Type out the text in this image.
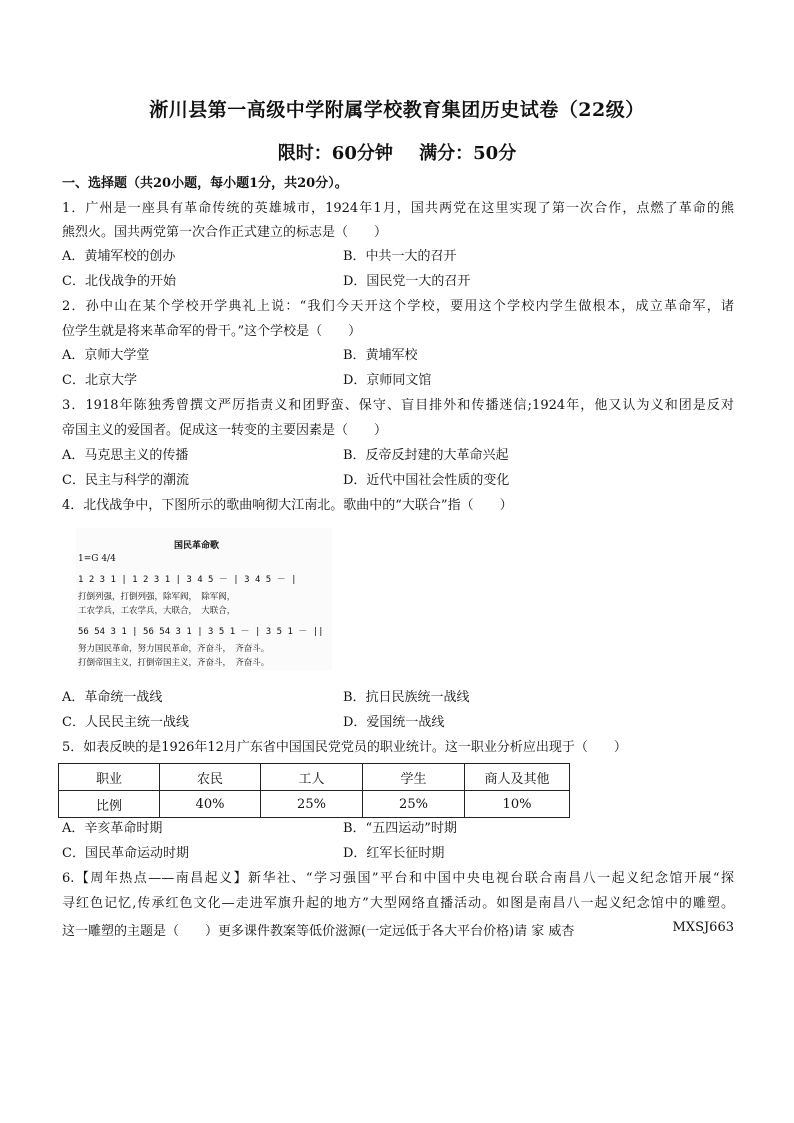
淅川县第一高级中学附属学校教育集团历史试卷（22级）
限时：60分钟 满分：50分
一、选择题（共20小题，每小题1分，共20分）。
1．广州是一座具有革命传统的英雄城市，1924年1月，国共两党在这里实现了第一次合作，点燃了革命的熊
熊烈火。国共两党第一次合作正式建立的标志是（　　）
A．黄埔军校的创办	B．中共一大的召开
C．北伐战争的开始	D．国民党一大的召开
2．孙中山在某个学校开学典礼上说：“我们今天开这个学校，要用这个学校内学生做根本，成立革命军，诸
位学生就是将来革命军的骨干。”这个学校是（　　）
A．京师大学堂	B．黄埔军校
C．北京大学	D．京师同文馆
3．1918年陈独秀曾撰文严厉指责义和团野蛮、保守、盲目排外和传播迷信;1924年，他又认为义和团是反对
帝国主义的爱国者。促成这一转变的主要因素是（　　）
A．马克思主义的传播	B．反帝反封建的大革命兴起
C．民主与科学的潮流	D．近代中国社会性质的变化
4．北伐战争中，下图所示的歌曲响彻大江南北。歌曲中的“大联合”指（　　）
国民革命歌
1=G 4/4
1 2 3 1 | 1 2 3 1 | 3 4 5 － | 3 4 5 － |
打倒列强，打倒列强，除军阀，　除军阀，
工农学兵，工农学兵，大联合，　大联合，
56 54 3 1 | 56 54 3 1 | 3 5 1 － | 3 5 1 － ||
努力国民革命，努力国民革命，齐奋斗，　齐奋斗。
打倒帝国主义，打倒帝国主义，齐奋斗，　齐奋斗。
A．革命统一战线	B．抗日民族统一战线
C．人民民主统一战线	D．爱国统一战线
5．如表反映的是1926年12月广东省中国国民党党员的职业统计。这一职业分析应出现于（　　）
职业	农民	工人	学生	商人及其他
比例	40%	25%	25%	10%
A．辛亥革命时期	B．“五四运动”时期
C．国民革命运动时期	D．红军长征时期
6.【周年热点——南昌起义】新华社、“学习强国”平台和中国中央电视台联合南昌八一起义纪念馆开展“探
寻红色记忆,传承红色文化—走进军旗升起的地方”大型网络直播活动。如图是南昌八一起义纪念馆中的雕塑。
这一雕塑的主题是（　　）更多课件教案等低价滋源(一定远低于各大平台价格)请 家 威杏	MXSJ663
